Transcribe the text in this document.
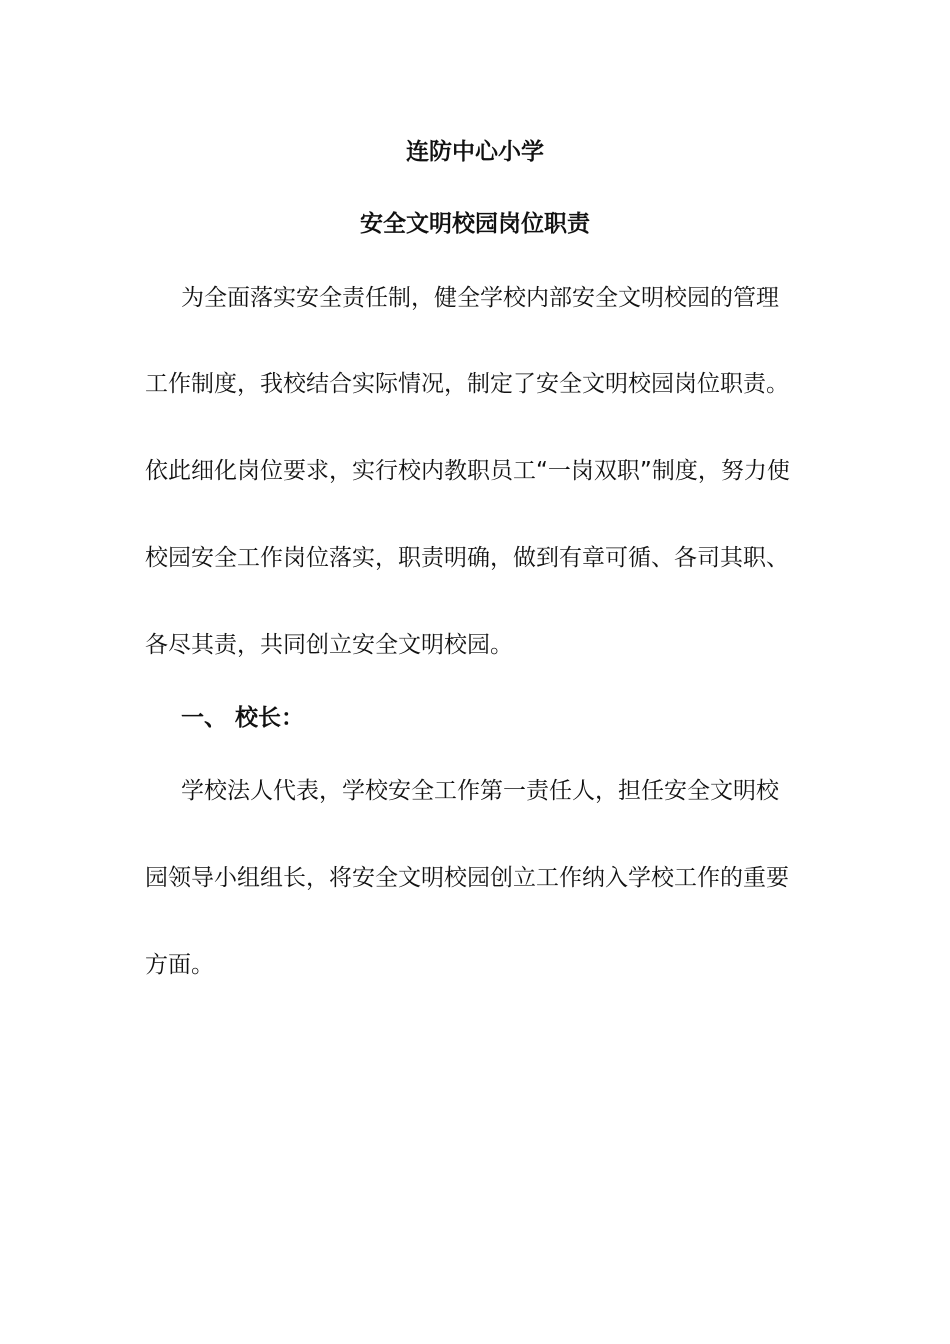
连防中心小学
安全文明校园岗位职责
为全面落实安全责任制，健全学校内部安全文明校园的管理
工作制度，我校结合实际情况，制定了安全文明校园岗位职责。
依此细化岗位要求，实行校内教职员工“一岗双职”制度，努力使
校园安全工作岗位落实，职责明确，做到有章可循、各司其职、
各尽其责，共同创立安全文明校园。
一、 校长：
学校法人代表，学校安全工作第一责任人，担任安全文明校
园领导小组组长，将安全文明校园创立工作纳入学校工作的重要
方面。
